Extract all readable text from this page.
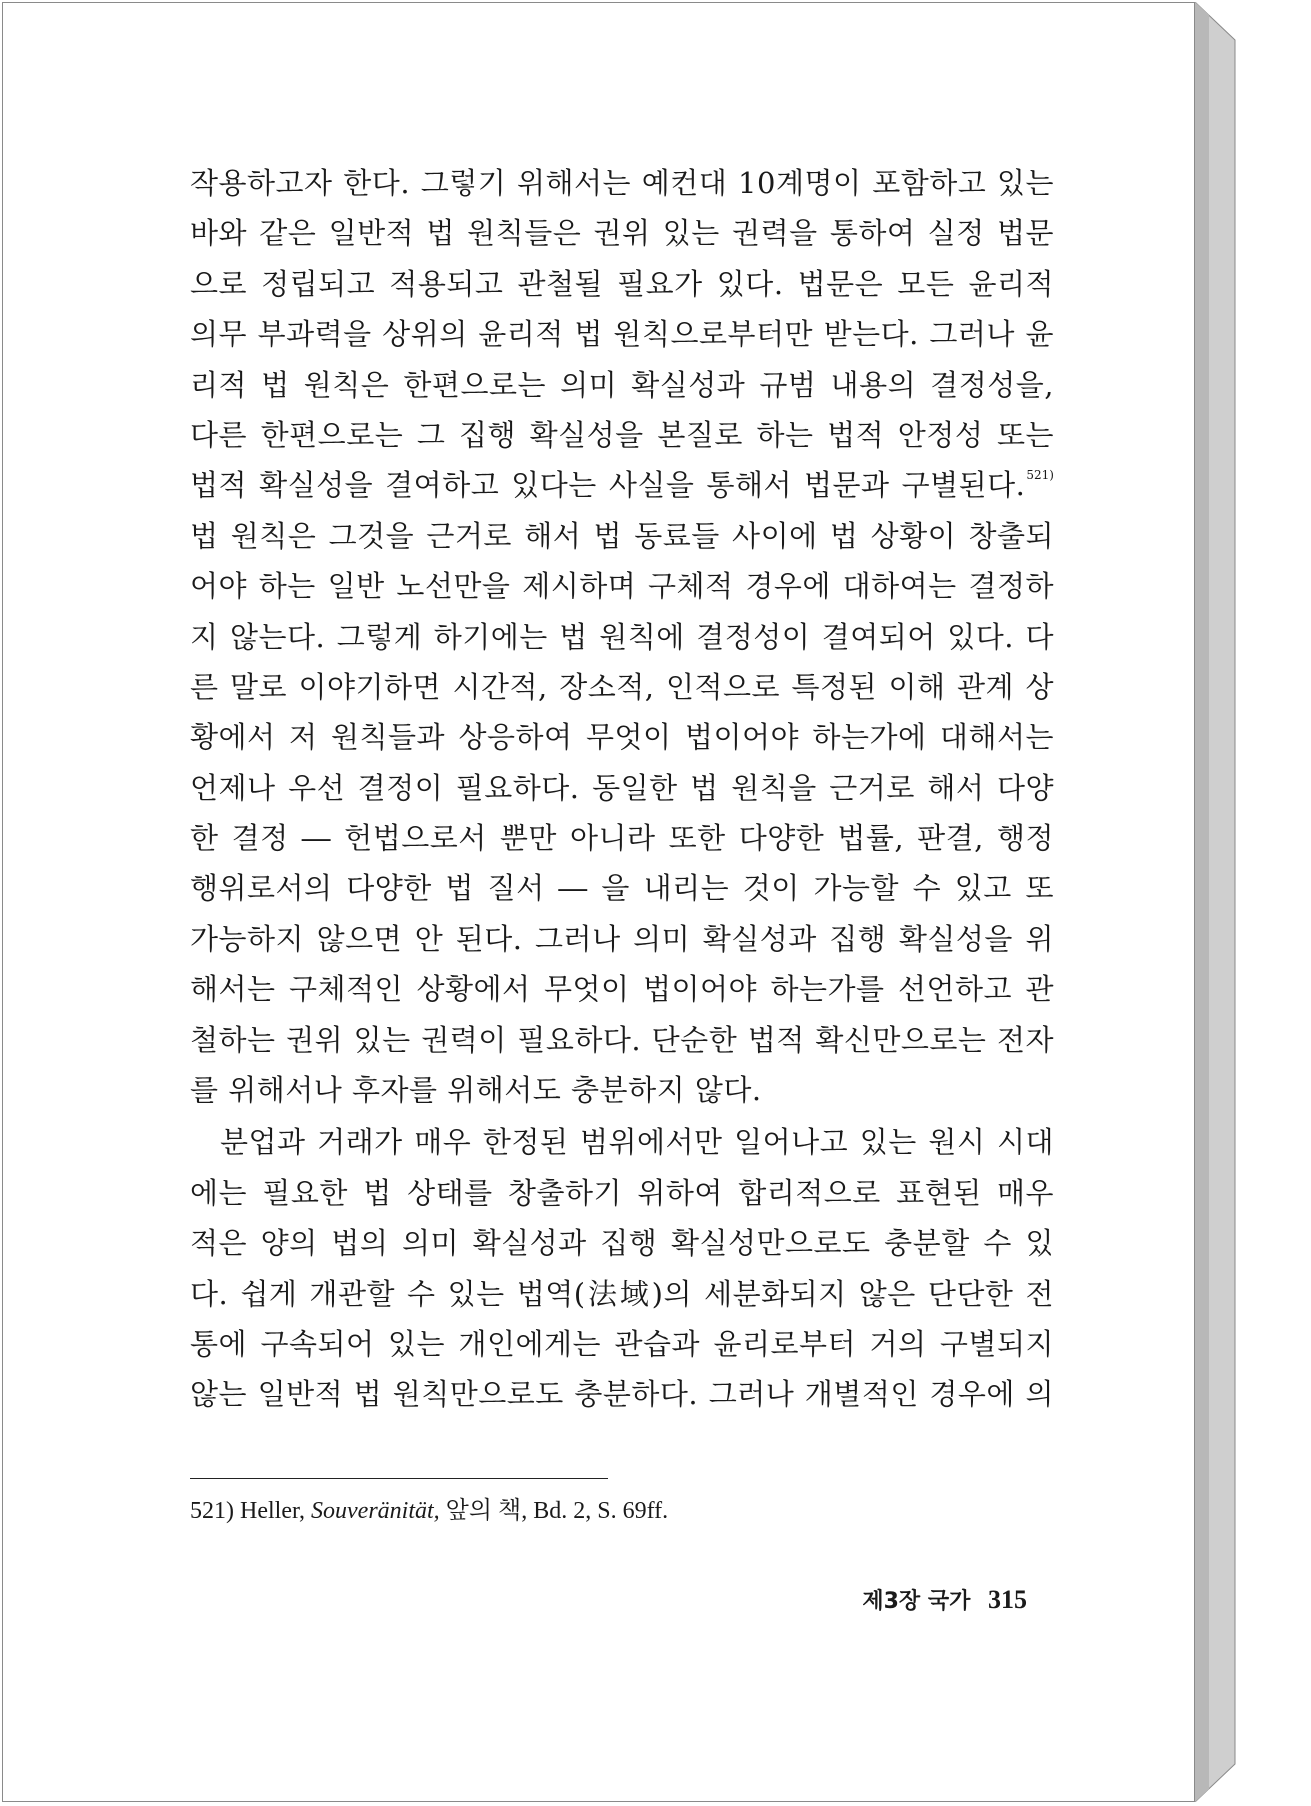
작용하고자 한다. 그렇기 위해서는 예컨대 10계명이 포함하고 있는
바와 같은 일반적 법 원칙들은 권위 있는 권력을 통하여 실정 법문
으로 정립되고 적용되고 관철될 필요가 있다. 법문은 모든 윤리적
의무 부과력을 상위의 윤리적 법 원칙으로부터만 받는다. 그러나 윤
리적 법 원칙은 한편으로는 의미 확실성과 규범 내용의 결정성을,
다른 한편으로는 그 집행 확실성을 본질로 하는 법적 안정성 또는
법적 확실성을 결여하고 있다는 사실을 통해서 법문과 구별된다.$^{521)}$
법 원칙은 그것을 근거로 해서 법 동료들 사이에 법 상황이 창출되
어야 하는 일반 노선만을 제시하며 구체적 경우에 대하여는 결정하
지 않는다. 그렇게 하기에는 법 원칙에 결정성이 결여되어 있다. 다
른 말로 이야기하면 시간적, 장소적, 인적으로 특정된 이해 관계 상
황에서 저 원칙들과 상응하여 무엇이 법이어야 하는가에 대해서는
언제나 우선 결정이 필요하다. 동일한 법 원칙을 근거로 해서 다양
한 결정 ― 헌법으로서 뿐만 아니라 또한 다양한 법률, 판결, 행정
행위로서의 다양한 법 질서 ― 을 내리는 것이 가능할 수 있고 또
가능하지 않으면 안 된다. 그러나 의미 확실성과 집행 확실성을 위
해서는 구체적인 상황에서 무엇이 법이어야 하는가를 선언하고 관
철하는 권위 있는 권력이 필요하다. 단순한 법적 확신만으로는 전자
를 위해서나 후자를 위해서도 충분하지 않다.
분업과 거래가 매우 한정된 범위에서만 일어나고 있는 원시 시대
에는 필요한 법 상태를 창출하기 위하여 합리적으로 표현된 매우
적은 양의 법의 의미 확실성과 집행 확실성만으로도 충분할 수 있
다. 쉽게 개관할 수 있는 법역(法域)의 세분화되지 않은 단단한 전
통에 구속되어 있는 개인에게는 관습과 윤리로부터 거의 구별되지
않는 일반적 법 원칙만으로도 충분하다. 그러나 개별적인 경우에 의
521) Heller, Souveränität, 앞의 책, Bd. 2, S. 69ff.
제3장 국가 315
